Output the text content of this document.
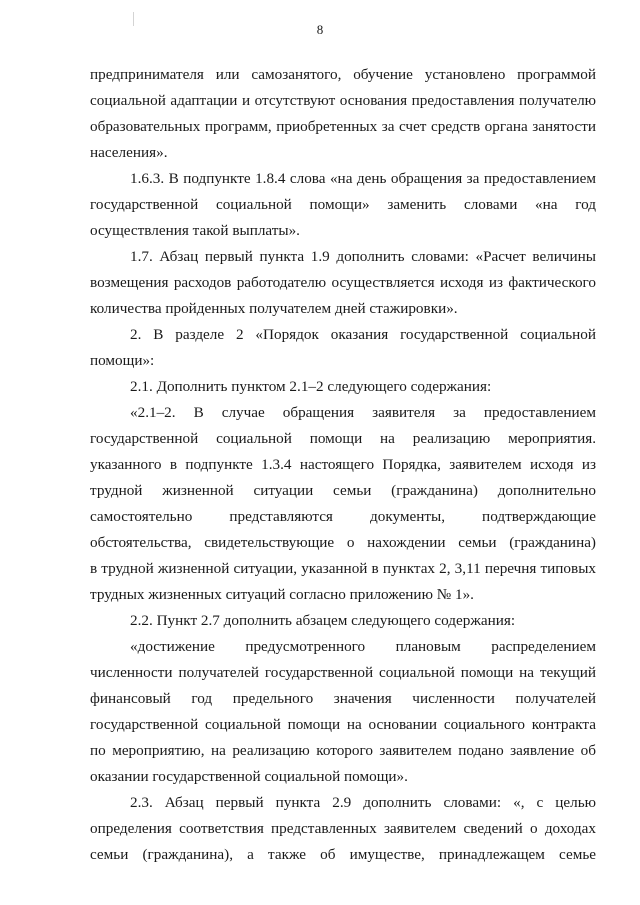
8
предпринимателя или самозанятого, обучение установлено программой
социальной адаптации и отсутствуют основания предоставления получателю
образовательных программ, приобретенных за счет средств органа занятости
населения».
1.6.3. В подпункте 1.8.4 слова «на день обращения за предоставлением
государственной социальной помощи» заменить словами «на год
осуществления такой выплаты».
1.7. Абзац первый пункта 1.9 дополнить словами: «Расчет величины
возмещения расходов работодателю осуществляется исходя из фактического
количества пройденных получателем дней стажировки».
2. В разделе 2 «Порядок оказания государственной социальной
помощи»:
2.1. Дополнить пунктом 2.1–2 следующего содержания:
«2.1–2. В случае обращения заявителя за предоставлением
государственной социальной помощи на реализацию мероприятия.
указанного в подпункте 1.3.4 настоящего Порядка, заявителем исходя из
трудной жизненной ситуации семьи (гражданина) дополнительно
самостоятельно представляются документы, подтверждающие
обстоятельства, свидетельствующие о нахождении семьи (гражданина)
в трудной жизненной ситуации, указанной в пунктах 2, 3,11 перечня типовых
трудных жизненных ситуаций согласно приложению № 1».
2.2. Пункт 2.7 дополнить абзацем следующего содержания:
«достижение предусмотренного плановым распределением
численности получателей государственной социальной помощи на текущий
финансовый год предельного значения численности получателей
государственной социальной помощи на основании социального контракта
по мероприятию, на реализацию которого заявителем подано заявление об
оказании государственной социальной помощи».
2.3. Абзац первый пункта 2.9 дополнить словами: «, с целью
определения соответствия представленных заявителем сведений о доходах
семьи (гражданина), а также об имуществе, принадлежащем семье
